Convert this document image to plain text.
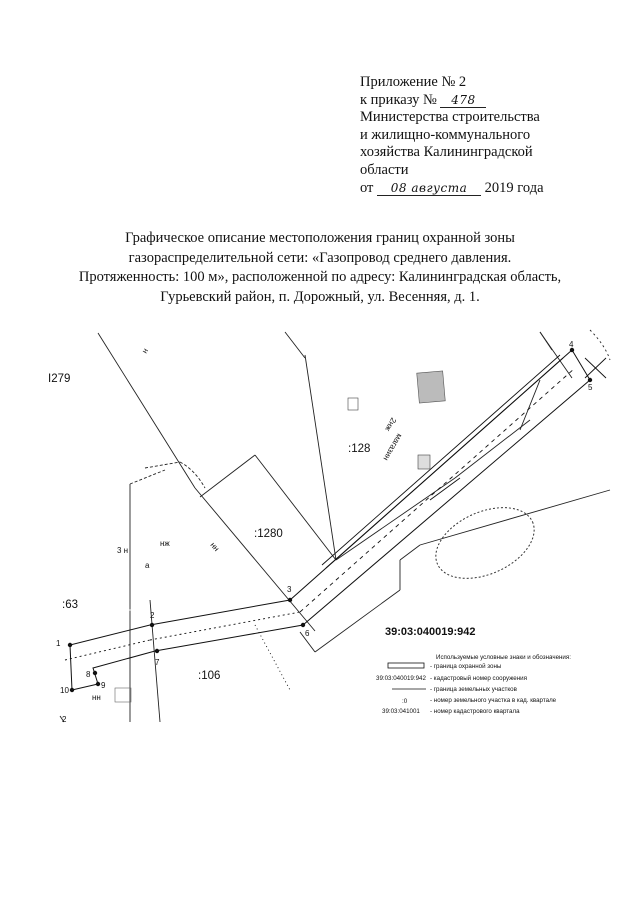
Приложение № 2
к приказу № 478
Министерства строительства
и жилищно-коммунального
хозяйства Калининградской
области
от 08 августа 2019 года
Графическое описание местоположения границ охранной зоны
газораспределительной сети: «Газопровод среднего давления.
Протяженность: 100 м», расположенной по адресу: Калининградская область,
Гурьевский район, п. Дорожный, ул. Весенняя, д. 1.
1
2
3
4
5
6
7
8
9
10
I279
:128
:1280
:63
:106
39:03:040019:942
н
нж	нн
3 н
а
нн
2
2нж
магазин
Используемые условные знаки и обозначения:
- граница охранной зоны
39:03:040019:942 - кадастровый номер сооружения
- граница земельных участков
:0	- номер земельного участка в кад. квартале
39:03:041001 - номер кадастрового квартала
